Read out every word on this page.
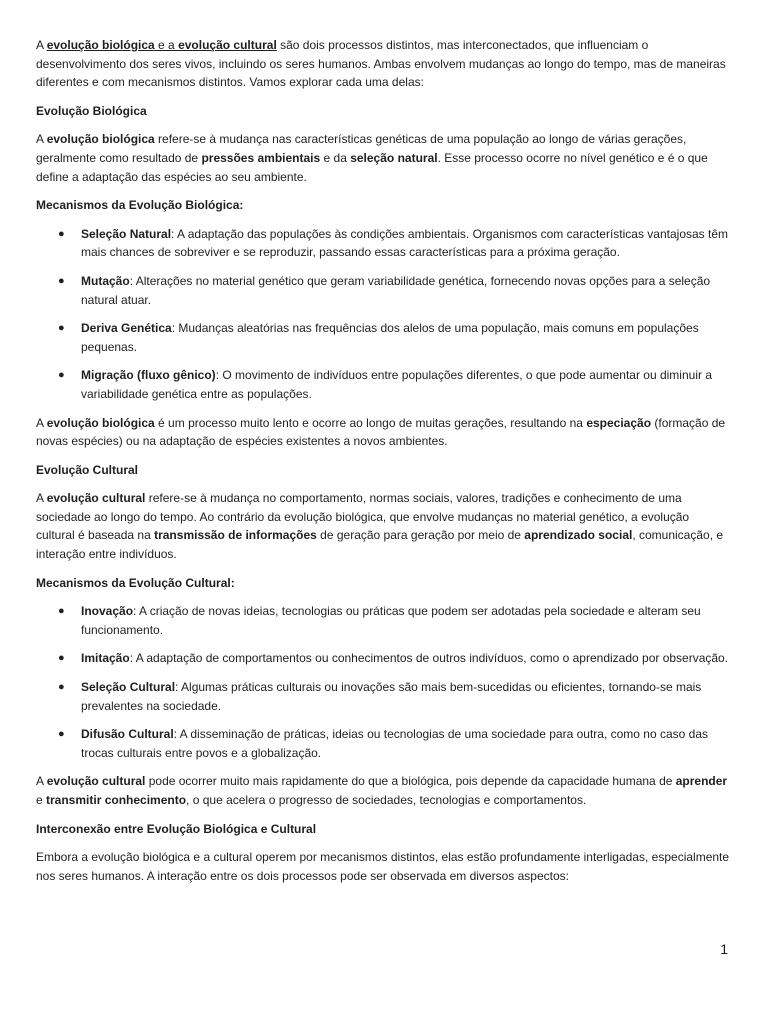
A evolução biológica e a evolução cultural são dois processos distintos, mas interconectados, que influenciam o desenvolvimento dos seres vivos, incluindo os seres humanos. Ambas envolvem mudanças ao longo do tempo, mas de maneiras diferentes e com mecanismos distintos. Vamos explorar cada uma delas:

Evolução Biológica

A evolução biológica refere-se à mudança nas características genéticas de uma população ao longo de várias gerações, geralmente como resultado de pressões ambientais e da seleção natural. Esse processo ocorre no nível genético e é o que define a adaptação das espécies ao seu ambiente.

Mecanismos da Evolução Biológica:
● Seleção Natural: A adaptação das populações às condições ambientais. Organismos com características vantajosas têm mais chances de sobreviver e se reproduzir, passando essas características para a próxima geração.
● Mutação: Alterações no material genético que geram variabilidade genética, fornecendo novas opções para a seleção natural atuar.
● Deriva Genética: Mudanças aleatórias nas frequências dos alelos de uma população, mais comuns em populações pequenas.
● Migração (fluxo gênico): O movimento de indivíduos entre populações diferentes, o que pode aumentar ou diminuir a variabilidade genética entre as populações.

A evolução biológica é um processo muito lento e ocorre ao longo de muitas gerações, resultando na especiação (formação de novas espécies) ou na adaptação de espécies existentes a novos ambientes.

Evolução Cultural

A evolução cultural refere-se à mudança no comportamento, normas sociais, valores, tradições e conhecimento de uma sociedade ao longo do tempo. Ao contrário da evolução biológica, que envolve mudanças no material genético, a evolução cultural é baseada na transmissão de informações de geração para geração por meio de aprendizado social, comunicação, e interação entre indivíduos.

Mecanismos da Evolução Cultural:
● Inovação: A criação de novas ideias, tecnologias ou práticas que podem ser adotadas pela sociedade e alteram seu funcionamento.
● Imitação: A adaptação de comportamentos ou conhecimentos de outros indivíduos, como o aprendizado por observação.
● Seleção Cultural: Algumas práticas culturais ou inovações são mais bem-sucedidas ou eficientes, tornando-se mais prevalentes na sociedade.
● Difusão Cultural: A disseminação de práticas, ideias ou tecnologias de uma sociedade para outra, como no caso das trocas culturais entre povos e a globalização.

A evolução cultural pode ocorrer muito mais rapidamente do que a biológica, pois depende da capacidade humana de aprender e transmitir conhecimento, o que acelera o progresso de sociedades, tecnologias e comportamentos.

Interconexão entre Evolução Biológica e Cultural

Embora a evolução biológica e a cultural operem por mecanismos distintos, elas estão profundamente interligadas, especialmente nos seres humanos. A interação entre os dois processos pode ser observada em diversos aspectos:

1
